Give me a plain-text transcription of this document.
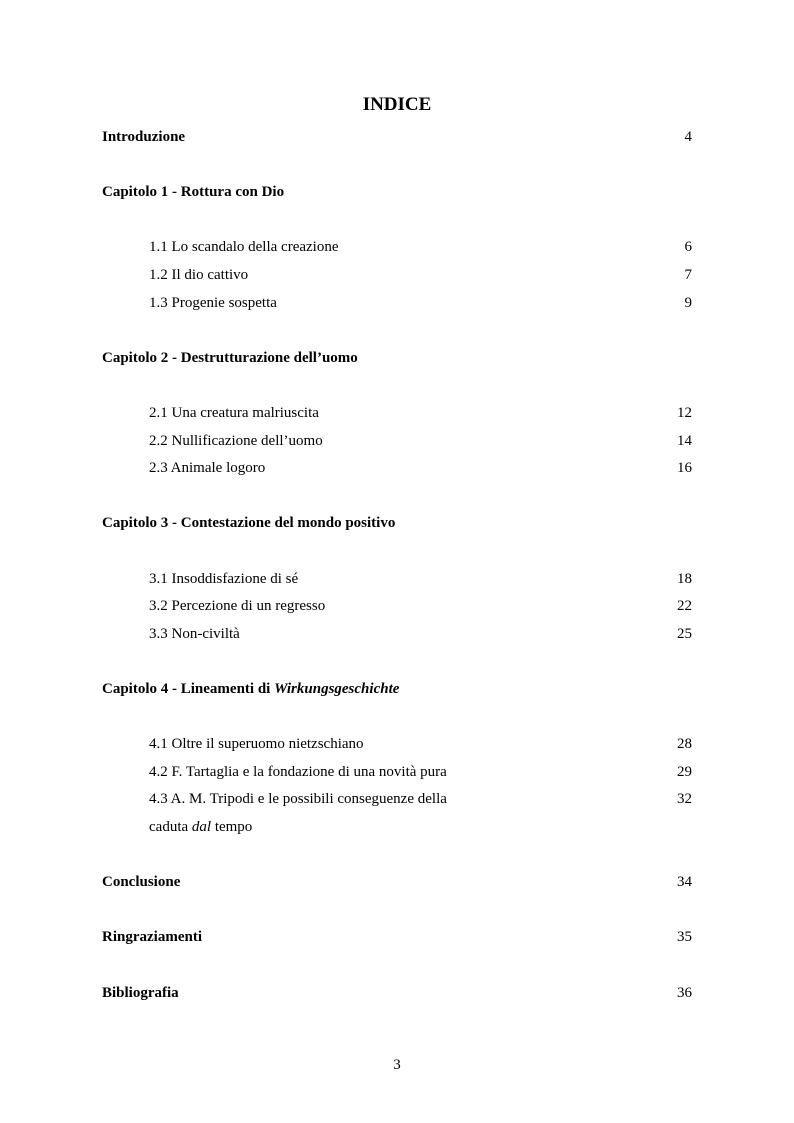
INDICE
Introduzione	4
Capitolo 1 - Rottura con Dio
1.1 Lo scandalo della creazione	6
1.2 Il dio cattivo	7
1.3 Progenie sospetta	9
Capitolo 2 - Destrutturazione dell’uomo
2.1 Una creatura malriuscita	12
2.2 Nullificazione dell’uomo	14
2.3 Animale logoro	16
Capitolo 3 - Contestazione del mondo positivo
3.1 Insoddisfazione di sé	18
3.2 Percezione di un regresso	22
3.3 Non-civiltà	25
Capitolo 4 - Lineamenti di Wirkungsgeschichte
4.1 Oltre il superuomo nietzschiano	28
4.2 F. Tartaglia e la fondazione di una novità pura	29
4.3 A. M. Tripodi e le possibili conseguenze della	32
caduta dal tempo
Conclusione	34
Ringraziamenti	35
Bibliografia	36
3
